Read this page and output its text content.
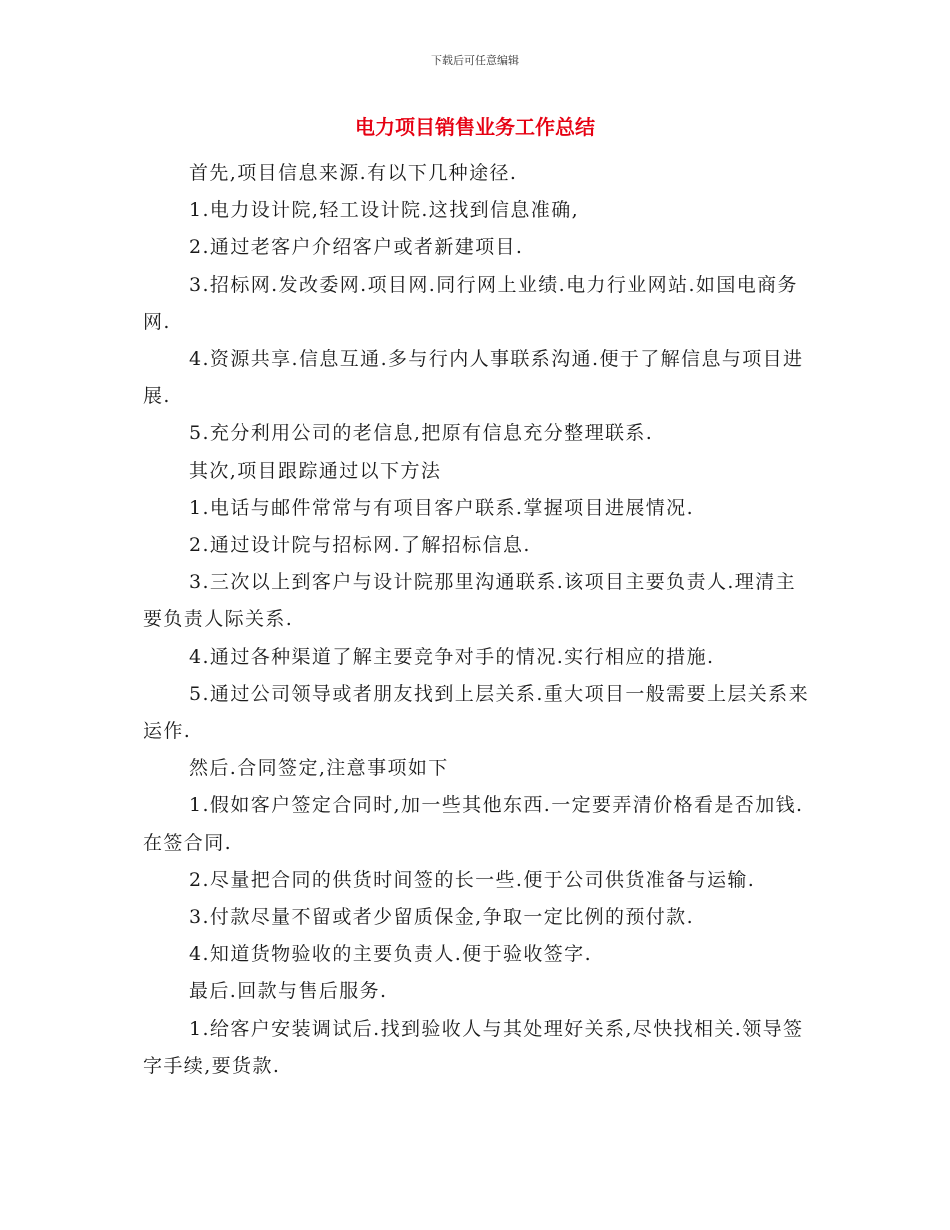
下载后可任意编辑
电力项目销售业务工作总结

首先,项目信息来源.有以下几种途径.

1.电力设计院,轻工设计院.这找到信息准确,

2.通过老客户介绍客户或者新建项目.

3.招标网.发改委网.项目网.同行网上业绩.电力行业网站.如国电商务网.

4.资源共享.信息互通.多与行内人事联系沟通.便于了解信息与项目进展.

5.充分利用公司的老信息,把原有信息充分整理联系.

其次,项目跟踪通过以下方法

1.电话与邮件常常与有项目客户联系.掌握项目进展情况.

2.通过设计院与招标网.了解招标信息.

3.三次以上到客户与设计院那里沟通联系.该项目主要负责人.理清主要负责人际关系.

4.通过各种渠道了解主要竞争对手的情况.实行相应的措施.

5.通过公司领导或者朋友找到上层关系.重大项目一般需要上层关系来运作.

然后.合同签定,注意事项如下

1.假如客户签定合同时,加一些其他东西.一定要弄清价格看是否加钱.在签合同.

2.尽量把合同的供货时间签的长一些.便于公司供货准备与运输.

3.付款尽量不留或者少留质保金,争取一定比例的预付款.

4.知道货物验收的主要负责人.便于验收签字.

最后.回款与售后服务.

1.给客户安装调试后.找到验收人与其处理好关系,尽快找相关.领导签字手续,要货款.
